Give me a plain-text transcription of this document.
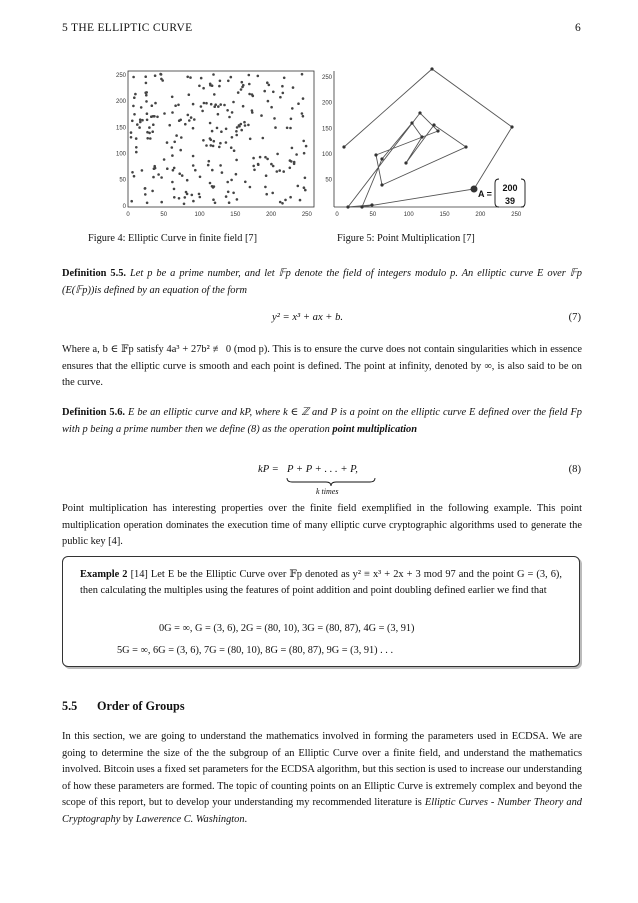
5 THE ELLIPTIC CURVE	6
0	50	100	150	200	250
250
200
150
100
50
0
0	50	100	150	200	250
250
200
150
100
50
A =
200
39
Figure 4: Elliptic Curve in finite field [7]	Figure 5: Point Multiplication [7]
Definition 5.5. Let p be a prime number, and let 𝔽p denote the field of integers modulo p. An elliptic curve E over 𝔽p (E(𝔽p))is defined by an equation of the form
y² = x³ + ax + b.	(7)
Where a, b ∈ 𝔽p satisfy 4a³ + 27b² ≢ 0 (mod p). This is to ensure the curve does not contain singularities which in essence ensures that the elliptic curve is smooth and each point is defined. The point at infinity, denoted by ∞, is also said to be on the curve.
Definition 5.6. E be an elliptic curve and kP, where k ∈ ℤ and P is a point on the elliptic curve E defined over the field Fp with p being a prime number then we define (8) as the operation point multiplication
kP = P + P + . . . + P,
k times
(8)
Point multiplication has interesting properties over the finite field exemplified in the following example. This point multiplication operation dominates the execution time of many elliptic curve cryptographic algorithms used to generate the public key [4].
Example 2 [14] Let E be the Elliptic Curve over 𝔽p denoted as y² ≡ x³ + 2x + 3 mod 97 and the point G = (3, 6), then calculating the multiples using the features of point addition and point doubling defined earlier we find that
0G = ∞, G = (3, 6), 2G = (80, 10), 3G = (80, 87), 4G = (3, 91)
5G = ∞, 6G = (3, 6), 7G = (80, 10), 8G = (80, 87), 9G = (3, 91) . . .
5.5 Order of Groups
In this section, we are going to understand the mathematics involved in forming the parameters used in ECDSA. We are going to determine the size of the the subgroup of an Elliptic Curve over a finite field, and understand the mathematics involved. Bitcoin uses a fixed set parameters for the ECDSA algorithm, but this section is used to increase our understanding of how these parameters are formed. The topic of counting points on an Elliptic Curve is extremely complex and beyond the scope of this report, but to develop your understanding my recommended literature is Elliptic Curves - Number Theory and Cryptography by Lawerence C. Washington.
